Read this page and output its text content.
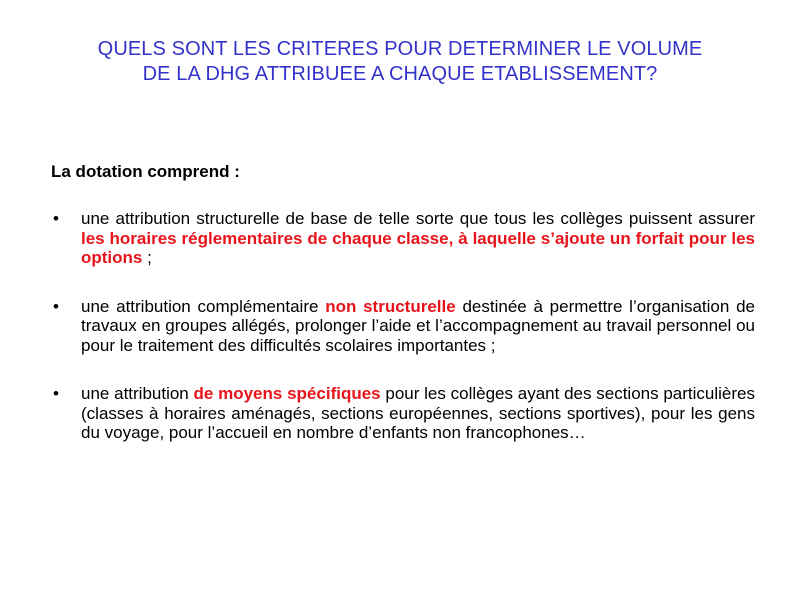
QUELS SONT LES CRITERES POUR DETERMINER LE VOLUME
DE LA DHG ATTRIBUEE A CHAQUE ETABLISSEMENT?
La dotation comprend :
• une attribution structurelle de base de telle sorte que tous les collèges puissent assurer les horaires réglementaires de chaque classe, à laquelle s’ajoute un forfait pour les options ;
• une attribution complémentaire non structurelle destinée à permettre l’organisation de travaux en groupes allégés, prolonger l’aide et l’accompagnement au travail personnel ou pour le traitement des difficultés scolaires importantes ;
• une attribution de moyens spécifiques pour les collèges ayant des sections particulières (classes à horaires aménagés, sections européennes, sections sportives), pour les gens du voyage, pour l’accueil en nombre d’enfants non francophones…
